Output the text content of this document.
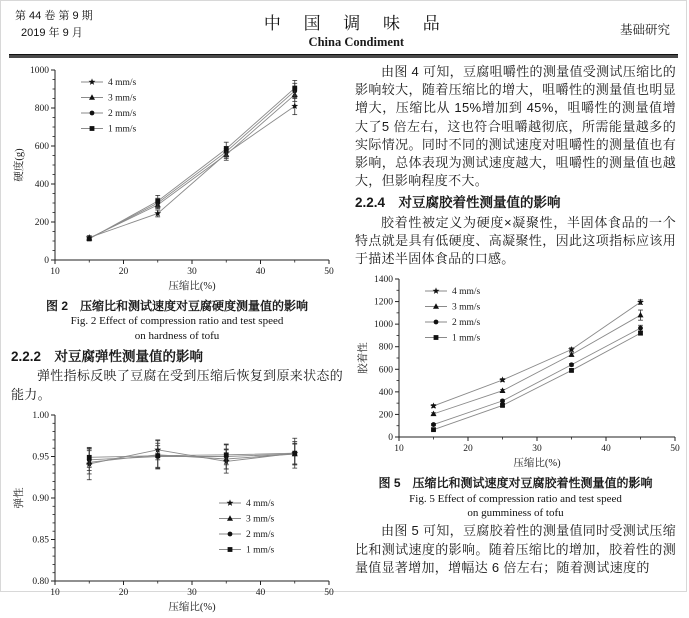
第 44 卷 第 9 期
2019 年 9 月
中 国 调 味 品
China Condiment
基础研究
10	20	30	40	50
0
200
400
600
800
1000
压缩比(%)
硬度(g)
4 mm/s
3 mm/s
2 mm/s
1 mm/s
图 2　压缩比和测试速度对豆腐硬度测量值的影响
Fig. 2 Effect of compression ratio and test speed
on hardness of tofu
2.2.2　对豆腐弹性测量值的影响

弹性指标反映了豆腐在受到压缩后恢复到原来状态的能力。

10	20	30	40	50
0.80
0.85
0.90
0.95
1.00
压缩比(%)
弹性	4 mm/s
3 mm/s
2 mm/s
1 mm/s

由图 4 可知，豆腐咀嚼性的测量值受测试压缩比的影响较大，随着压缩比的增大，咀嚼性的测量值也明显增大，压缩比从 15%增加到 45%，咀嚼性的测量值增大了5 倍左右，这也符合咀嚼越彻底，所需能量越多的实际情况。同时不同的测试速度对咀嚼性的测量值也有影响，总体表现为测试速度越大，咀嚼性的测量值也越大，但影响程度不大。

2.2.4　对豆腐胶着性测量值的影响

胶着性被定义为硬度×凝聚性，半固体食品的一个特点就是具有低硬度、高凝聚性，因此这项指标应该用于描述半固体食品的口感。

10	20	30	40	50
0
200
400
600
800
1000
1200
1400
压缩比(%)
胶着性
4 mm/s
3 mm/s
2 mm/s
1 mm/s
图 5　压缩比和测试速度对豆腐胶着性测量值的影响
Fig. 5 Effect of compression ratio and test speed
on gumminess of tofu

由图 5 可知，豆腐胶着性的测量值同时受测试压缩比和测试速度的影响。随着压缩比的增加，胶着性的测量值显著增加，增幅达 6 倍左右；随着测试速度的
